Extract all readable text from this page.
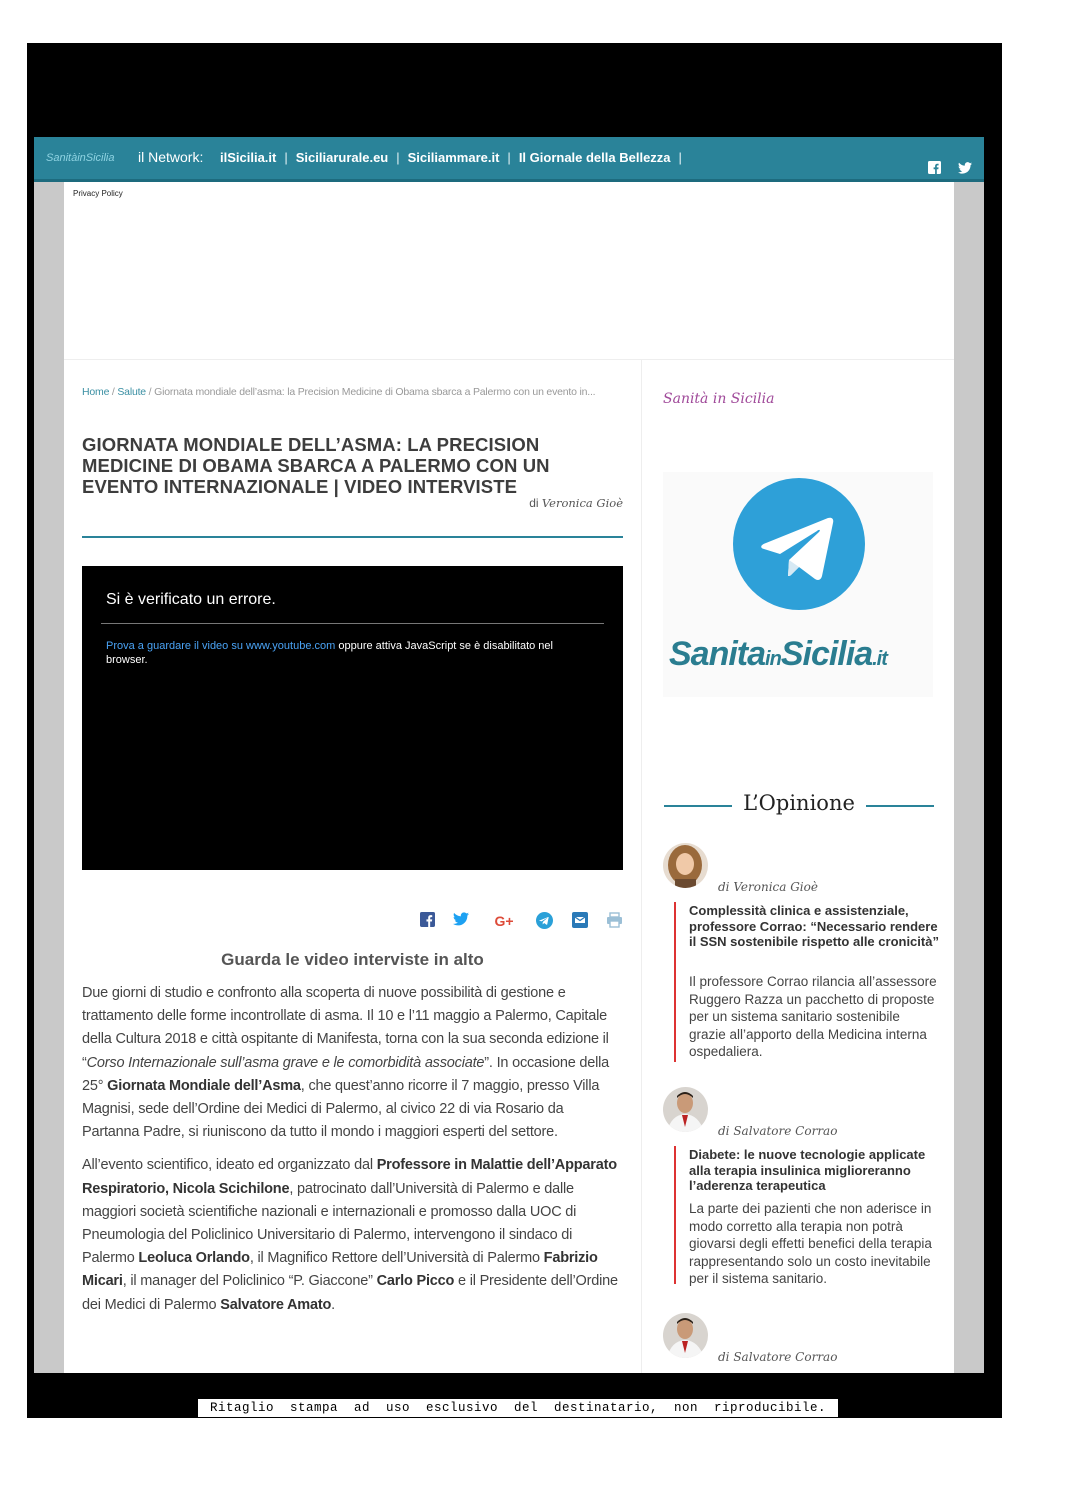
SanitàinSicilia il Network: ilSicilia.it | Siciliarurale.eu | Siciliammare.it | Il Giornale della Bellezza |

Privacy Policy
Home / Salute / Giornata mondiale dell’asma: la Precision Medicine di Obama sbarca a Palermo con un evento in...
GIORNATA MONDIALE DELL’ASMA: LA PRECISION MEDICINE DI OBAMA SBARCA A PALERMO CON UN EVENTO INTERNAZIONALE | VIDEO INTERVISTE
di Veronica Gioè
Si è verificato un errore.
Prova a guardare il video su www.youtube.com oppure attiva JavaScript se è disabilitato nel browser.
G+
Guarda le video interviste in alto

Due giorni di studio e confronto alla scoperta di nuove possibilità di gestione e trattamento delle forme incontrollate di asma. Il 10 e l’11 maggio a Palermo, Capitale della Cultura 2018 e città ospitante di Manifesta, torna con la sua seconda edizione il “Corso Internazionale sull’asma grave e le comorbidità associate”. In occasione della 25° Giornata Mondiale dell’Asma, che quest’anno ricorre il 7 maggio, presso Villa Magnisi, sede dell’Ordine dei Medici di Palermo, al civico 22 di via Rosario da Partanna Padre, si riuniscono da tutto il mondo i maggiori esperti del settore.

All’evento scientifico, ideato ed organizzato dal Professore in Malattie dell’Apparato Respiratorio, Nicola Scichilone, patrocinato dall’Università di Palermo e dalle maggiori società scientifiche nazionali e internazionali e promosso dalla UOC di Pneumologia del Policlinico Universitario di Palermo, intervengono il sindaco di Palermo Leoluca Orlando, il Magnifico Rettore dell’Università di Palermo Fabrizio Micari, il manager del Policlinico “P. Giaccone” Carlo Picco e il Presidente dell’Ordine dei Medici di Palermo Salvatore Amato.

Sanità in Sicilia
SanitainSicilia.it
L’Opinione
di Veronica Gioè
Complessità clinica e assistenziale, professore Corrao: “Necessario rendere il SSN sostenibile rispetto alle cronicità”
Il professore Corrao rilancia all’assessore Ruggero Razza un pacchetto di proposte per un sistema sanitario sostenibile grazie all’apporto della Medicina interna ospedaliera.
di Salvatore Corrao
Diabete: le nuove tecnologie applicate alla terapia insulinica miglioreranno l’aderenza terapeutica
La parte dei pazienti che non aderisce in modo corretto alla terapia non potrà giovarsi degli effetti benefici della terapia rappresentando solo un costo inevitabile per il sistema sanitario.
di Salvatore Corrao
Ritaglio stampa ad uso esclusivo del destinatario, non riproducibile.
